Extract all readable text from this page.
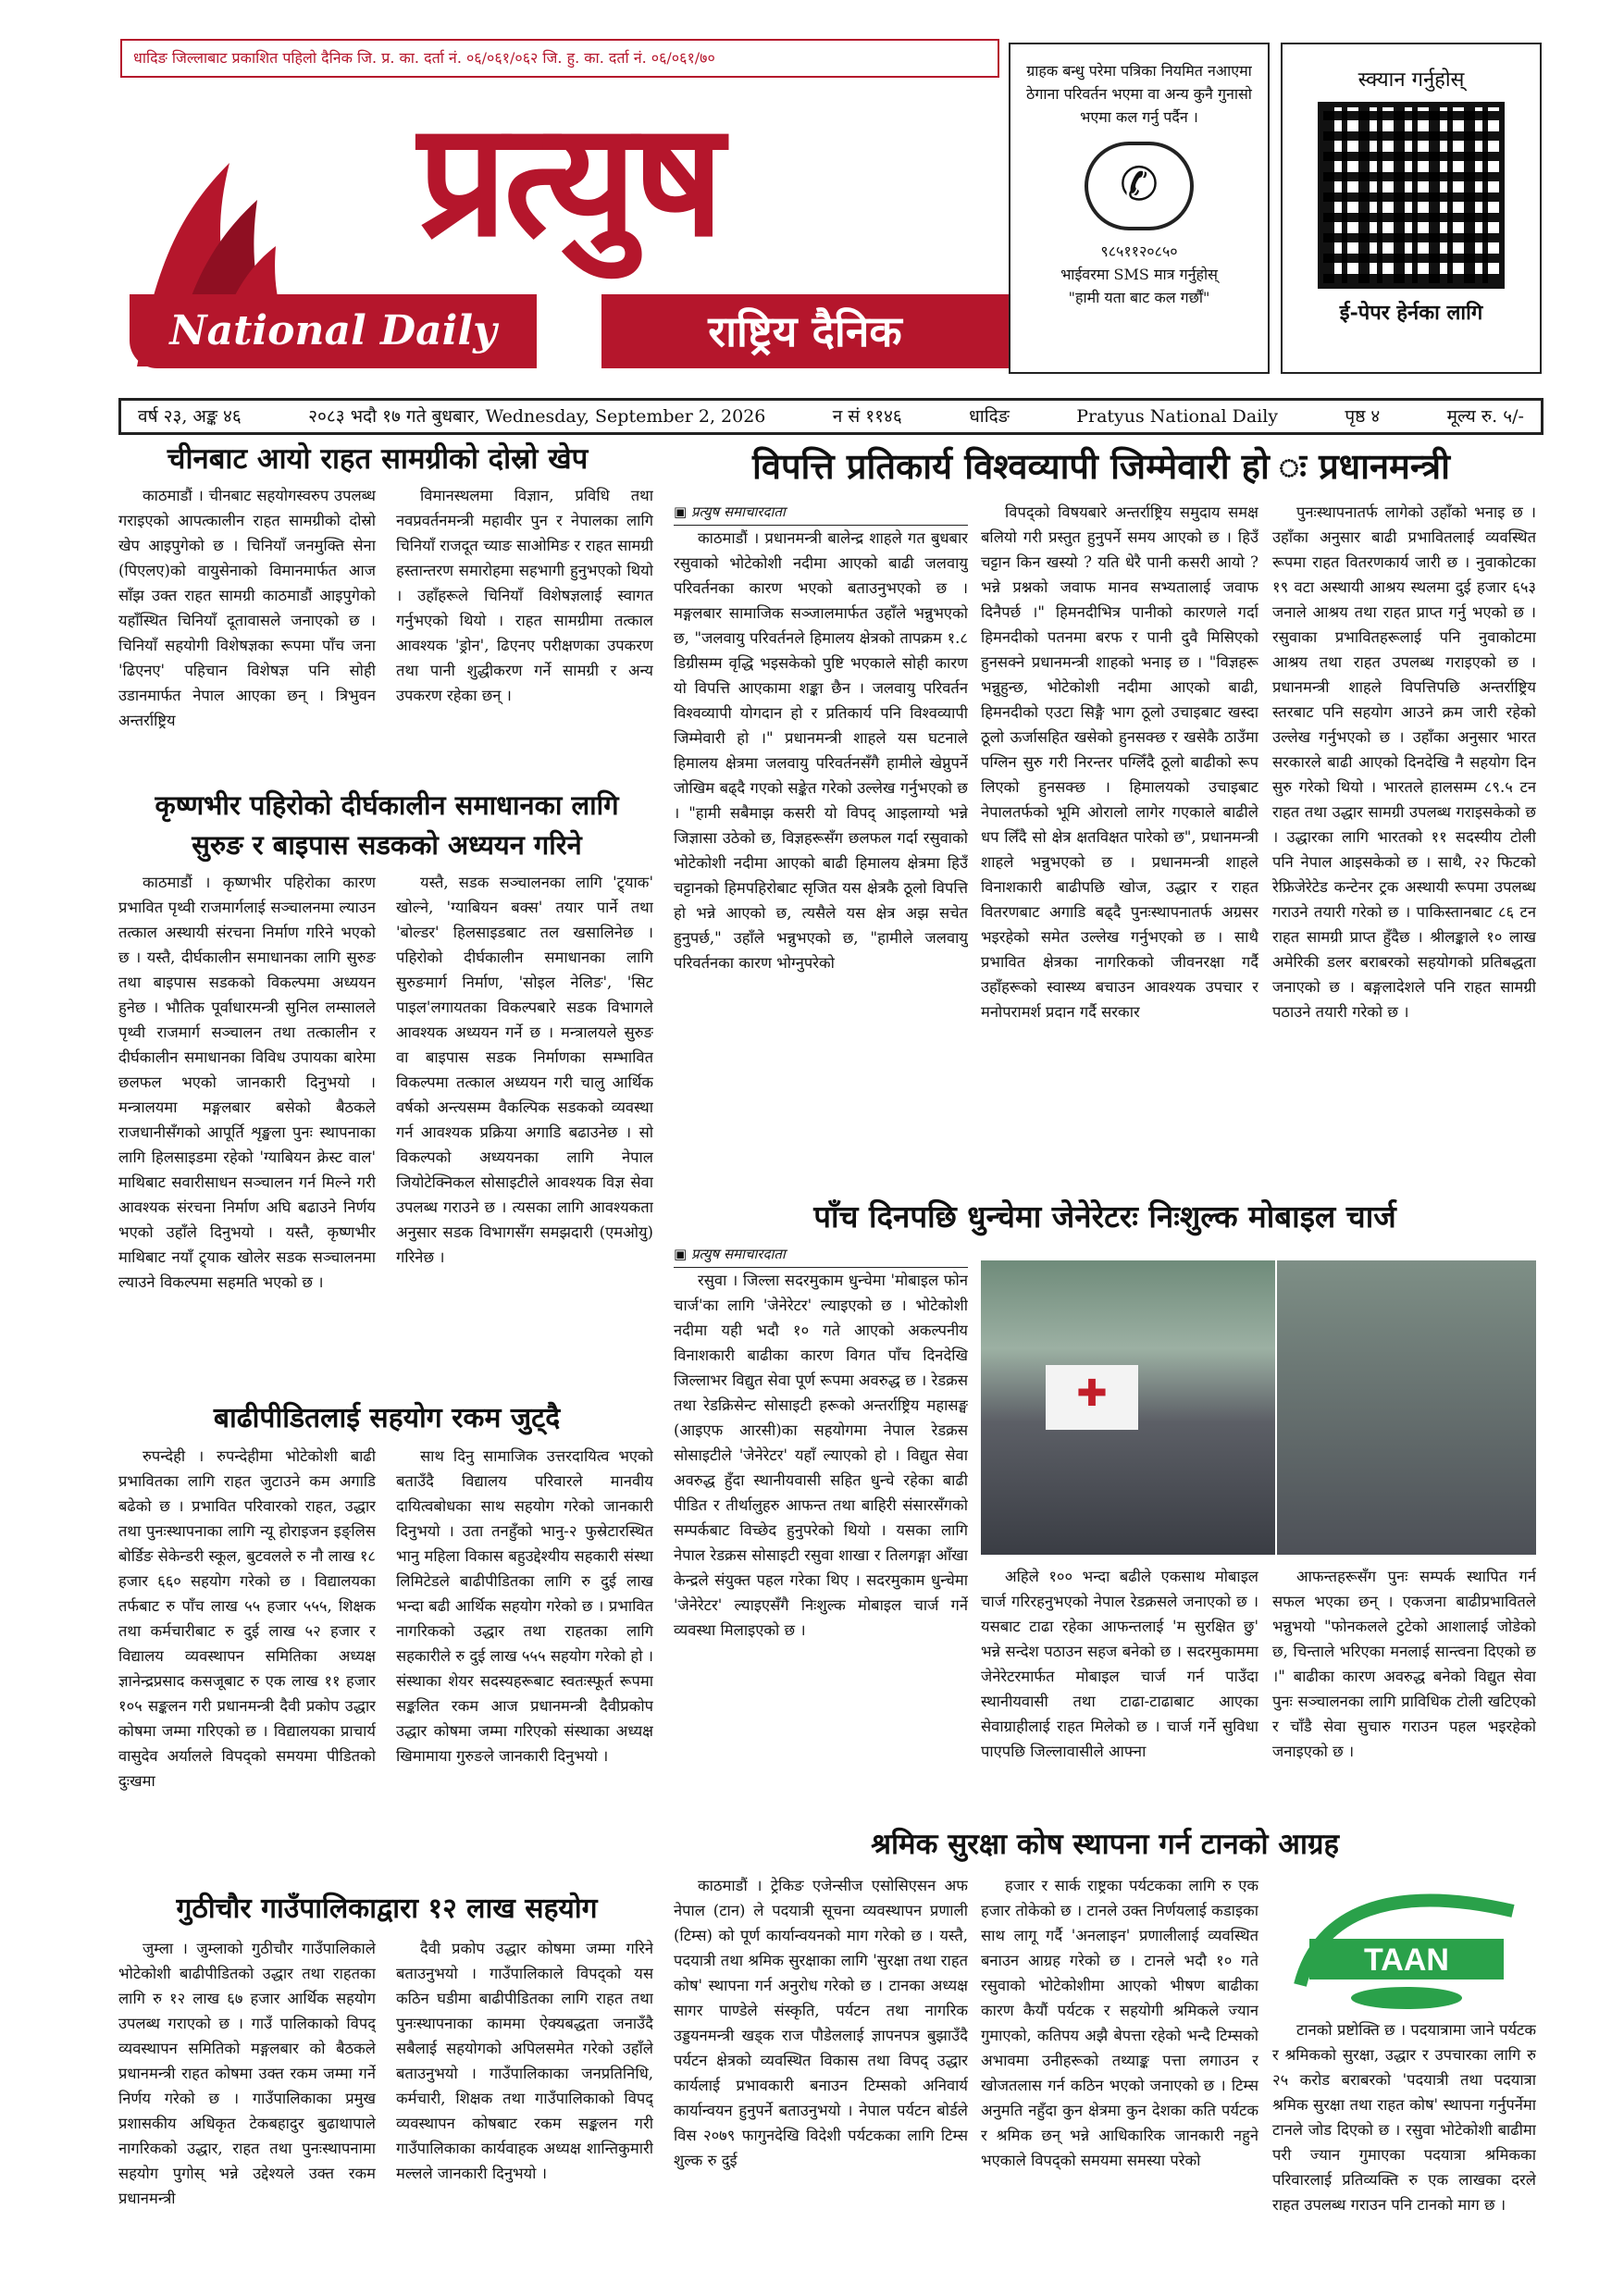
धादिङ जिल्लाबाट प्रकाशित पहिलो दैनिक जि. प्र. का. दर्ता नं. ०६/०६१/०६२ जि. हु. का. दर्ता नं. ०६/०६१/७०
प्रत्युष
National Daily	राष्ट्रिय दैनिक
ग्राहक बन्धु परेमा पत्रिका नियमित नआएमा ठेगाना परिवर्तन भएमा वा अन्य कुनै गुनासो भएमा कल गर्नु पर्दैन ।
✆
९८५११२०८५०
भाईवरमा SMS मात्र गर्नुहोस्
"हामी यता बाट कल गर्छौं"
स्क्यान गर्नुहोस्
ई-पेपर हेर्नका लागि
वर्ष २३, अङ्क ४६	२०८३ भदौ १७ गते बुधबार, Wednesday, September 2, 2026	न सं ११४६	धादिङ	Pratyus National Daily	पृष्ठ ४	मूल्य रु. ५/-
चीनबाट आयो राहत सामग्रीको दोस्रो खेप

काठमाडौं । चीनबाट सहयोगस्वरुप उपलब्ध गराइएको आपत्कालीन राहत सामग्रीको दोस्रो खेप आइपुगेको छ । चिनियाँ जनमुक्ति सेना (पिएलए)को वायुसेनाको विमानमार्फत आज साँझ उक्त राहत सामग्री काठमाडौं आइपुगेको यहाँस्थित चिनियाँ दूतावासले जनाएको छ । चिनियाँ सहयोगी विशेषज्ञका रूपमा पाँच जना 'ढिएनए' पहिचान विशेषज्ञ पनि सोही उडानमार्फत नेपाल आएका छन् । त्रिभुवन अन्तर्राष्ट्रिय

विमानस्थलमा विज्ञान, प्रविधि तथा नवप्रवर्तनमन्त्री महावीर पुन र नेपालका लागि चिनियाँ राजदूत च्याङ साओमिङ र राहत सामग्री हस्तान्तरण समारोहमा सहभागी हुनुभएको थियो । उहाँहरूले चिनियाँ विशेषज्ञलाई स्वागत गर्नुभएको थियो । राहत सामग्रीमा तत्काल आवश्यक 'ड्रोन', ढिएनए परीक्षणका उपकरण तथा पानी शुद्धीकरण गर्ने सामग्री र अन्य उपकरण रहेका छन् ।

कृष्णभीर पहिरोको दीर्घकालीन समाधानका लागि
सुरुङ र बाइपास सडकको अध्ययन गरिने

काठमाडौं । कृष्णभीर पहिरोका कारण प्रभावित पृथ्वी राजमार्गलाई सञ्चालनमा ल्याउन तत्काल अस्थायी संरचना निर्माण गरिने भएको छ । यस्तै, दीर्घकालीन समाधानका लागि सुरुङ तथा बाइपास सडकको विकल्पमा अध्ययन हुनेछ । भौतिक पूर्वाधारमन्त्री सुनिल लम्सालले पृथ्वी राजमार्ग सञ्चालन तथा तत्कालीन र दीर्घकालीन समाधानका विविध उपायका बारेमा छलफल भएको जानकारी दिनुभयो । मन्त्रालयमा मङ्गलबार बसेको बैठकले राजधानीसँगको आपूर्ति शृङ्खला पुनः स्थापनाका लागि हिलसाइडमा रहेको 'ग्याबियन क्रेस्ट वाल' माथिबाट सवारीसाधन सञ्चालन गर्न मिल्ने गरी आवश्यक संरचना निर्माण अघि बढाउने निर्णय भएको उहाँले दिनुभयो । यस्तै, कृष्णभीर माथिबाट नयाँ ट्र्याक खोलेर सडक सञ्चालनमा ल्याउने विकल्पमा सहमति भएको छ ।

यस्तै, सडक सञ्चालनका लागि 'ट्र्याक' खोल्ने, 'ग्याबियन बक्स' तयार पार्ने तथा 'बोल्डर' हिलसाइडबाट तल खसालिनेछ । पहिरोको दीर्घकालीन समाधानका लागि सुरुङमार्ग निर्माण, 'सोइल नेलिङ', 'सिट पाइल'लगायतका विकल्पबारे सडक विभागले आवश्यक अध्ययन गर्ने छ । मन्त्रालयले सुरुङ वा बाइपास सडक निर्माणका सम्भावित विकल्पमा तत्काल अध्ययन गरी चालु आर्थिक वर्षको अन्त्यसम्म वैकल्पिक सडकको व्यवस्था गर्न आवश्यक प्रक्रिया अगाडि बढाउनेछ । सो विकल्पको अध्ययनका लागि नेपाल जियोटेक्निकल सोसाइटीले आवश्यक विज्ञ सेवा उपलब्ध गराउने छ । त्यसका लागि आवश्यकता अनुसार सडक विभागसँग समझदारी (एमओयु) गरिनेछ ।

बाढीपीडितलाई सहयोग रकम जुट्दै

रुपन्देही । रुपन्देहीमा भोटेकोशी बाढी प्रभावितका लागि राहत जुटाउने कम अगाडि बढेको छ । प्रभावित परिवारको राहत, उद्धार तथा पुनःस्थापनाका लागि न्यू होराइजन इङ्लिस बोर्डिङ सेकेन्डरी स्कूल, बुटवलले रु नौ लाख १८ हजार ६६० सहयोग गरेको छ । विद्यालयका तर्फबाट रु पाँच लाख ५५ हजार ५५५, शिक्षक तथा कर्मचारीबाट रु दुई लाख ५२ हजार र विद्यालय व्यवस्थापन समितिका अध्यक्ष ज्ञानेन्द्रप्रसाद कसजूबाट रु एक लाख ११ हजार १०५ सङ्कलन गरी प्रधानमन्त्री दैवी प्रकोप उद्धार कोषमा जम्मा गरिएको छ । विद्यालयका प्राचार्य वासुदेव अर्यालले विपद्को समयमा पीडितको दुःखमा

साथ दिनु सामाजिक उत्तरदायित्व भएको बताउँदै विद्यालय परिवारले मानवीय दायित्वबोधका साथ सहयोग गरेको जानकारी दिनुभयो । उता तनहुँको भानु-२ फुस्रेटारस्थित भानु महिला विकास बहुउद्देश्यीय सहकारी संस्था लिमिटेडले बाढीपीडितका लागि रु दुई लाख भन्दा बढी आर्थिक सहयोग गरेको छ । प्रभावित नागरिकको उद्धार तथा राहतका लागि सहकारीले रु दुई लाख ५५५ सहयोग गरेको हो । संस्थाका शेयर सदस्यहरूबाट स्वतःस्फूर्त रूपमा सङ्कलित रकम आज प्रधानमन्त्री दैवीप्रकोप उद्धार कोषमा जम्मा गरिएको संस्थाका अध्यक्ष खिमामाया गुरुङले जानकारी दिनुभयो ।

गुठीचौर गाउँपालिकाद्वारा १२ लाख सहयोग

जुम्ला । जुम्लाको गुठीचौर गाउँपालिकाले भोटेकोशी बाढीपीडितको उद्धार तथा राहतका लागि रु १२ लाख ६७ हजार आर्थिक सहयोग उपलब्ध गराएको छ । गाउँ पालिकाको विपद् व्यवस्थापन समितिको मङ्गलबार को बैठकले प्रधानमन्त्री राहत कोषमा उक्त रकम जम्मा गर्ने निर्णय गरेको छ । गाउँपालिकाका प्रमुख प्रशासकीय अधिकृत टेकबहादुर बुढाथापाले नागरिकको उद्धार, राहत तथा पुनःस्थापनामा सहयोग पुगोस् भन्ने उद्देश्यले उक्त रकम प्रधानमन्त्री

दैवी प्रकोप उद्धार कोषमा जम्मा गरिने बताउनुभयो । गाउँपालिकाले विपद्को यस कठिन घडीमा बाढीपीडितका लागि राहत तथा पुनःस्थापनाका काममा ऐक्यबद्धता जनाउँदै सबैलाई सहयोगको अपिलसमेत गरेको उहाँले बताउनुभयो । गाउँपालिकाका जनप्रतिनिधि, कर्मचारी, शिक्षक तथा गाउँपालिकाको विपद् व्यवस्थापन कोषबाट रकम सङ्कलन गरी गाउँपालिकाका कार्यवाहक अध्यक्ष शान्तिकुमारी मल्लले जानकारी दिनुभयो ।

विपत्ति प्रतिकार्य विश्वव्यापी जिम्मेवारी हो ः प्रधानमन्त्री
▣ प्रत्युष समाचारदाता

काठमाडौं । प्रधानमन्त्री बालेन्द्र शाहले गत बुधबार रसुवाको भोटेकोशी नदीमा आएको बाढी जलवायु परिवर्तनका कारण भएको बताउनुभएको छ । मङ्गलबार सामाजिक सञ्जालमार्फत उहाँले भन्नुभएको छ, "जलवायु परिवर्तनले हिमालय क्षेत्रको तापक्रम १.८ डिग्रीसम्म वृद्धि भइसकेको पुष्टि भएकाले सोही कारण यो विपत्ति आएकामा शङ्का छैन । जलवायु परिवर्तन विश्वव्यापी योगदान हो र प्रतिकार्य पनि विश्वव्यापी जिम्मेवारी हो ।" प्रधानमन्त्री शाहले यस घटनाले हिमालय क्षेत्रमा जलवायु परिवर्तनसँगै हामीले खेप्नुपर्ने जोखिम बढ्दै गएको सङ्केत गरेको उल्लेख गर्नुभएको छ । "हामी सबैमाझ कसरी यो विपद् आइलाग्यो भन्ने जिज्ञासा उठेको छ, विज्ञहरूसँग छलफल गर्दा रसुवाको भोटेकोशी नदीमा आएको बाढी हिमालय क्षेत्रमा हिउँ चट्टानको हिमपहिरोबाट सृजित यस क्षेत्रकै ठूलो विपत्ति हो भन्ने आएको छ, त्यसैले यस क्षेत्र अझ सचेत हुनुपर्छ," उहाँले भन्नुभएको छ, "हामीले जलवायु परिवर्तनका कारण भोग्नुपरेको

विपद्को विषयबारे अन्तर्राष्ट्रिय समुदाय समक्ष बलियो गरी प्रस्तुत हुनुपर्ने समय आएको छ । हिउँ चट्टान किन खस्यो ? यति धेरै पानी कसरी आयो ? भन्ने प्रश्नको जवाफ मानव सभ्यतालाई जवाफ दिनैपर्छ ।" हिमनदीभित्र पानीको कारणले गर्दा हिमनदीको पतनमा बरफ र पानी दुवै मिसिएको हुनसक्ने प्रधानमन्त्री शाहको भनाइ छ । "विज्ञहरू भन्नुहुन्छ, भोटेकोशी नदीमा आएको बाढी, हिमनदीको एउटा सिङ्गै भाग ठूलो उचाइबाट खस्दा ठूलो ऊर्जासहित खसेको हुनसक्छ र खसेकै ठाउँमा पग्लिन सुरु गरी निरन्तर पग्लिँदै ठूलो बाढीको रूप लिएको हुनसक्छ । हिमालयको उचाइबाट नेपालतर्फको भूमि ओरालो लागेर गएकाले बाढीले धप लिँदै सो क्षेत्र क्षतविक्षत पारेको छ", प्रधानमन्त्री शाहले भन्नुभएको छ । प्रधानमन्त्री शाहले विनाशकारी बाढीपछि खोज, उद्धार र राहत वितरणबाट अगाडि बढ्दै पुनःस्थापनातर्फ अग्रसर भइरहेको समेत उल्लेख गर्नुभएको छ । साथै प्रभावित क्षेत्रका नागरिकको जीवनरक्षा गर्दै उहाँहरूको स्वास्थ्य बचाउन आवश्यक उपचार र मनोपरामर्श प्रदान गर्दै सरकार

पुनःस्थापनातर्फ लागेको उहाँको भनाइ छ । उहाँका अनुसार बाढी प्रभावितलाई व्यवस्थित रूपमा राहत वितरणकार्य जारी छ । नुवाकोटका १९ वटा अस्थायी आश्रय स्थलमा दुई हजार ६५३ जनाले आश्रय तथा राहत प्राप्त गर्नु भएको छ । रसुवाका प्रभावितहरूलाई पनि नुवाकोटमा आश्रय तथा राहत उपलब्ध गराइएको छ । प्रधानमन्त्री शाहले विपत्तिपछि अन्तर्राष्ट्रिय स्तरबाट पनि सहयोग आउने क्रम जारी रहेको उल्लेख गर्नुभएको छ । उहाँका अनुसार भारत सरकारले बाढी आएको दिनदेखि नै सहयोग दिन सुरु गरेको थियो । भारतले हालसम्म ८९.५ टन राहत तथा उद्धार सामग्री उपलब्ध गराइसकेको छ । उद्धारका लागि भारतको ११ सदस्यीय टोली पनि नेपाल आइसकेको छ । साथै, २२ फिटको रेफ्रिजेरेटेड कन्टेनर ट्रक अस्थायी रूपमा उपलब्ध गराउने तयारी गरेको छ । पाकिस्तानबाट ८६ टन राहत सामग्री प्राप्त हुँदैछ । श्रीलङ्काले १० लाख अमेरिकी डलर बराबरको सहयोगको प्रतिबद्धता जनाएको छ । बङ्गलादेशले पनि राहत सामग्री पठाउने तयारी गरेको छ ।

पाँच दिनपछि धुन्चेमा जेनेरेटरः निःशुल्क मोबाइल चार्ज
▣ प्रत्युष समाचारदाता

रसुवा । जिल्ला सदरमुकाम धुन्चेमा 'मोबाइल फोन चार्ज'का लागि 'जेनेरेटर' ल्याइएको छ । भोटेकोशी नदीमा यही भदौ १० गते आएको अकल्पनीय विनाशकारी बाढीका कारण विगत पाँच दिनदेखि जिल्लाभर विद्युत सेवा पूर्ण रूपमा अवरुद्ध छ । रेडक्रस तथा रेडक्रिसेन्ट सोसाइटी हरूको अन्तर्राष्ट्रिय महासङ्घ (आइएफ आरसी)का सहयोगमा नेपाल रेडक्रस सोसाइटीले 'जेनेरेटर' यहाँ ल्याएको हो । विद्युत सेवा अवरुद्ध हुँदा स्थानीयवासी सहित धुन्चे रहेका बाढी पीडित र तीर्थालुहरु आफन्त तथा बाहिरी संसारसँगको सम्पर्कबाट विच्छेद हुनुपरेको थियो । यसका लागि नेपाल रेडक्रस सोसाइटी रसुवा शाखा र तिलगङ्गा आँखा केन्द्रले संयुक्त पहल गरेका थिए । सदरमुकाम धुन्चेमा 'जेनेरेटर' ल्याइएसँगै निःशुल्क मोबाइल चार्ज गर्ने व्यवस्था मिलाइएको छ ।

✚

अहिले १०० भन्दा बढीले एकसाथ मोबाइल चार्ज गरिरहनुभएको नेपाल रेडक्रसले जनाएको छ । यसबाट टाढा रहेका आफन्तलाई 'म सुरक्षित छु' भन्ने सन्देश पठाउन सहज बनेको छ । सदरमुकाममा जेनेरेटरमार्फत मोबाइल चार्ज गर्न पाउँदा स्थानीयवासी तथा टाढा-टाढाबाट आएका सेवाग्राहीलाई राहत मिलेको छ । चार्ज गर्ने सुविधा पाएपछि जिल्लावासीले आफ्ना

आफन्तहरूसँग पुनः सम्पर्क स्थापित गर्न सफल भएका छन् । एकजना बाढीप्रभावितले भन्नुभयो "फोनकलले टुटेको आशालाई जोडेको छ, चिन्ताले भरिएका मनलाई सान्त्वना दिएको छ ।" बाढीका कारण अवरुद्ध बनेको विद्युत सेवा पुनः सञ्चालनका लागि प्राविधिक टोली खटिएको र चाँडै सेवा सुचारु गराउन पहल भइरहेको जनाइएको छ ।

श्रमिक सुरक्षा कोष स्थापना गर्न टानको आग्रह

काठमाडौं । ट्रेकिङ एजेन्सीज एसोसिएसन अफ नेपाल (टान) ले पदयात्री सूचना व्यवस्थापन प्रणाली (टिम्स) को पूर्ण कार्यान्वयनको माग गरेको छ । यस्तै, पदयात्री तथा श्रमिक सुरक्षाका लागि 'सुरक्षा तथा राहत कोष' स्थापना गर्न अनुरोध गरेको छ । टानका अध्यक्ष सागर पाण्डेले संस्कृति, पर्यटन तथा नागरिक उड्डयनमन्त्री खड्क राज पौडेललाई ज्ञापनपत्र बुझाउँदै पर्यटन क्षेत्रको व्यवस्थित विकास तथा विपद् उद्धार कार्यलाई प्रभावकारी बनाउन टिम्सको अनिवार्य कार्यान्वयन हुनुपर्ने बताउनुभयो । नेपाल पर्यटन बोर्डले विस २०७९ फागुनदेखि विदेशी पर्यटकका लागि टिम्स शुल्क रु दुई

हजार र सार्क राष्ट्रका पर्यटकका लागि रु एक हजार तोकेको छ । टानले उक्त निर्णयलाई कडाइका साथ लागू गर्दै 'अनलाइन' प्रणालीलाई व्यवस्थित बनाउन आग्रह गरेको छ । टानले भदौ १० गते रसुवाको भोटेकोशीमा आएको भीषण बाढीका कारण कैयौं पर्यटक र सहयोगी श्रमिकले ज्यान गुमाएको, कतिपय अझै बेपत्ता रहेको भन्दै टिम्सको अभावमा उनीहरूको तथ्याङ्क पत्ता लगाउन र खोजतलास गर्न कठिन भएको जनाएको छ । टिम्स अनुमति नहुँदा कुन क्षेत्रमा कुन देशका कति पर्यटक र श्रमिक छन् भन्ने आधिकारिक जानकारी नहुने भएकाले विपद्को समयमा समस्या परेको

TAAN

टानको प्रष्टोक्ति छ । पदयात्रामा जाने पर्यटक र श्रमिकको सुरक्षा, उद्धार र उपचारका लागि रु २५ करोड बराबरको 'पदयात्री तथा पदयात्रा श्रमिक सुरक्षा तथा राहत कोष' स्थापना गर्नुपर्नेमा टानले जोड दिएको छ । रसुवा भोटेकोशी बाढीमा परी ज्यान गुमाएका पदयात्रा श्रमिकका परिवारलाई प्रतिव्यक्ति रु एक लाखका दरले राहत उपलब्ध गराउन पनि टानको माग छ ।
